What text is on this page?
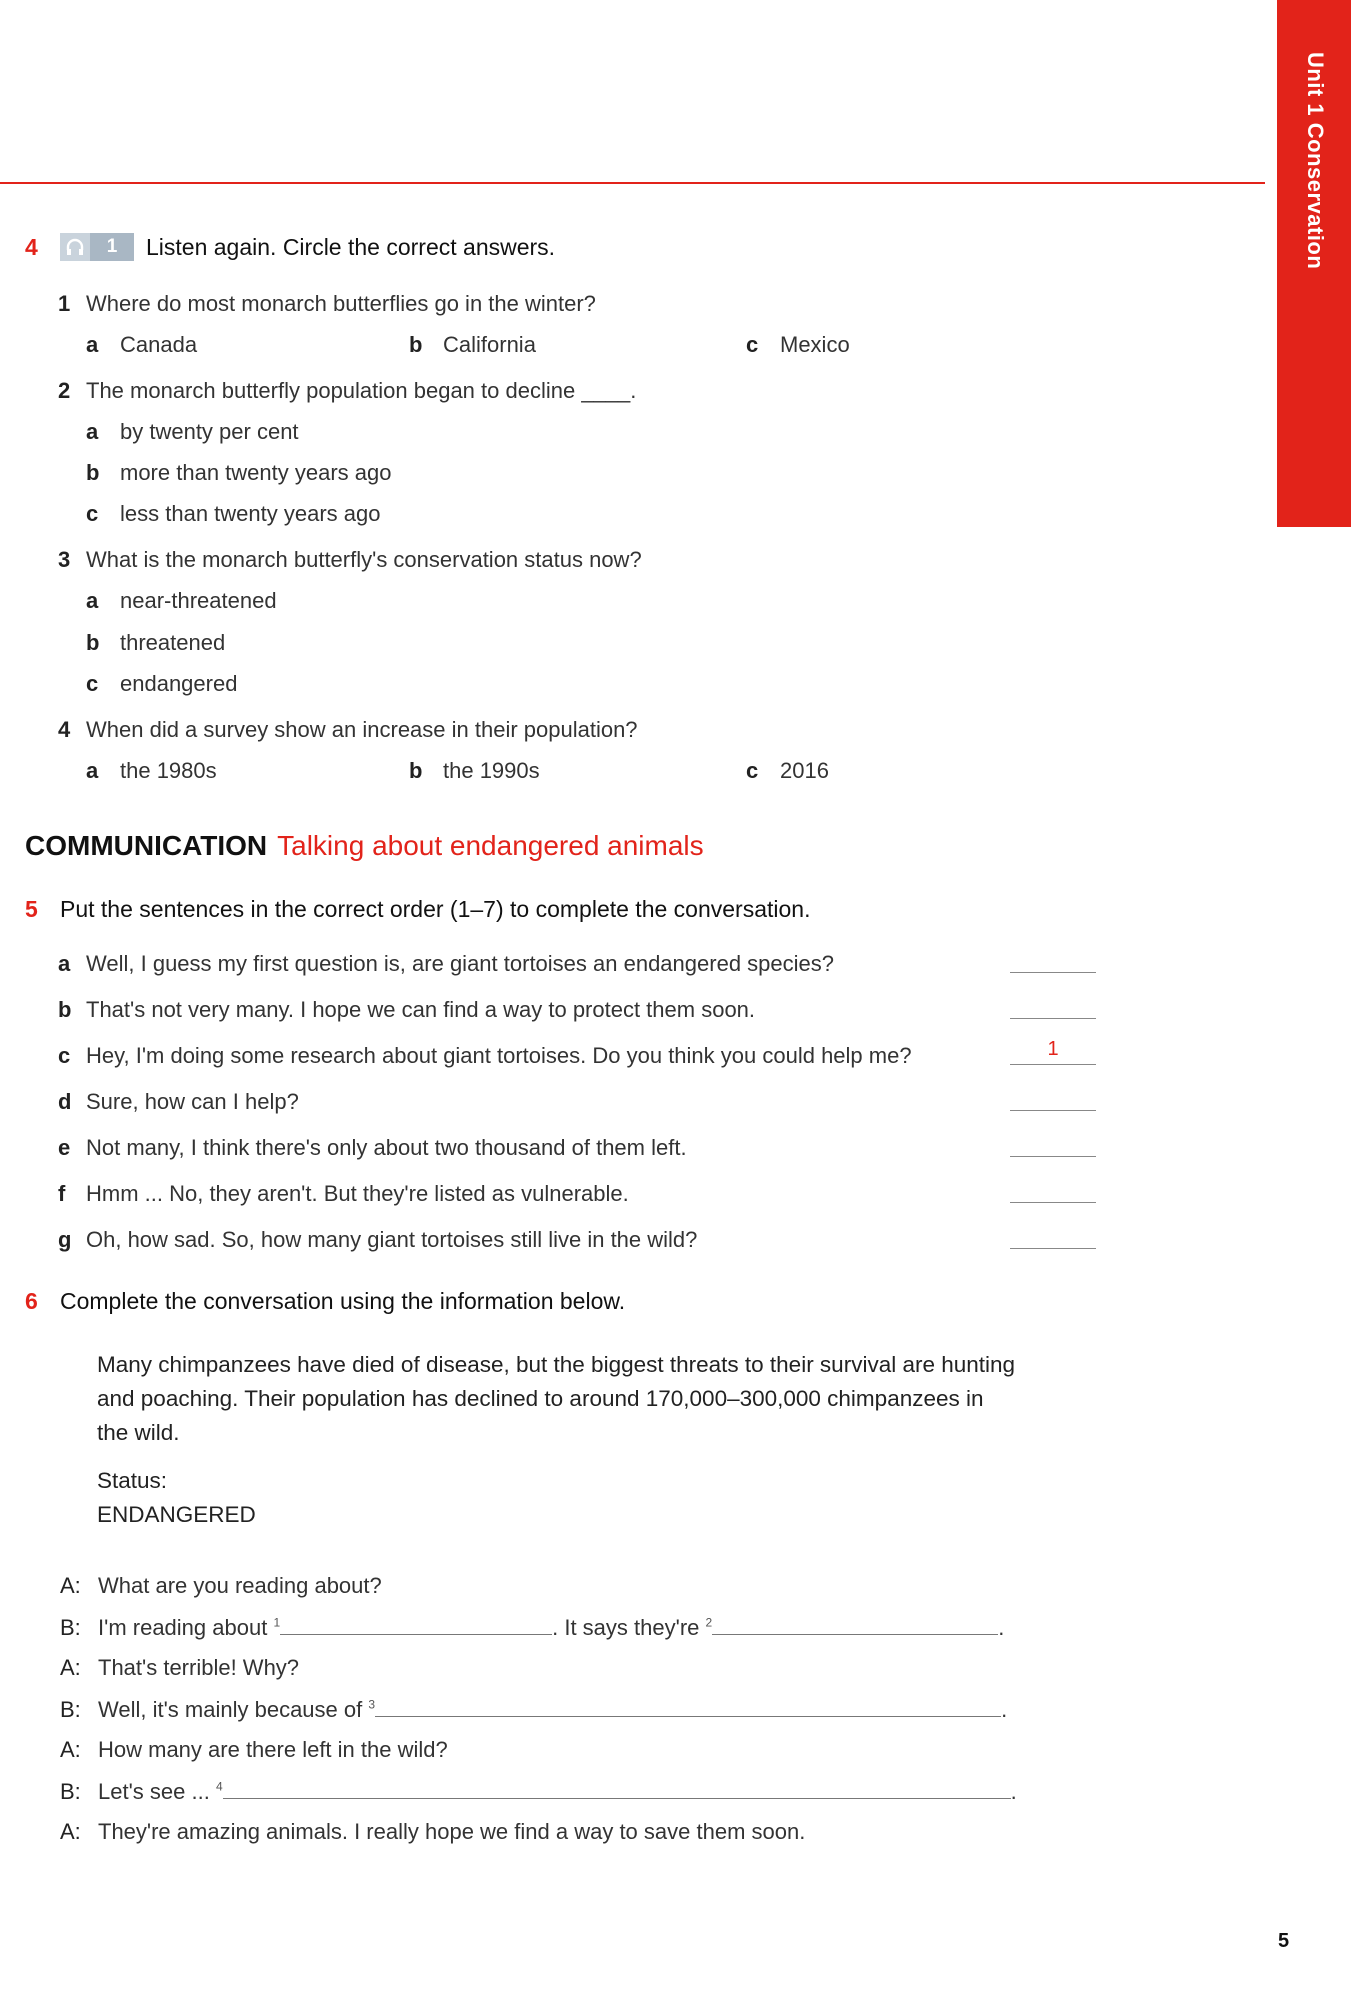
Unit 1 Conservation
4	1	Listen again. Circle the correct answers.
1 Where do most monarch butterflies go in the winter?
a Canada	b California	c Mexico
2 The monarch butterfly population began to decline ____.
a by twenty per cent
b more than twenty years ago
c less than twenty years ago
3 What is the monarch butterfly's conservation status now?
a near-threatened
b threatened
c endangered
4 When did a survey show an increase in their population?
a the 1980s	b the 1990s	c 2016
COMMUNICATION Talking about endangered animals
5 Put the sentences in the correct order (1–7) to complete the conversation.
a Well, I guess my first question is, are giant tortoises an endangered species?
b That's not very many. I hope we can find a way to protect them soon.
c Hey, I'm doing some research about giant tortoises. Do you think you could help me?	1
d Sure, how can I help?
e Not many, I think there's only about two thousand of them left.
f Hmm ... No, they aren't. But they're listed as vulnerable.
g Oh, how sad. So, how many giant tortoises still live in the wild?
6 Complete the conversation using the information below.
Many chimpanzees have died of disease, but the biggest threats to their survival are hunting and poaching. Their population has declined to around 170,000–300,000 chimpanzees in the wild.
Status:
ENDANGERED
A: What are you reading about?
B: I'm reading about $^1$	. It says they're $^2$	.
A: That's terrible! Why?
B: Well, it's mainly because of $^3$	.
A: How many are there left in the wild?
B: Let's see ... $^4$	.
A: They're amazing animals. I really hope we find a way to save them soon.
5
